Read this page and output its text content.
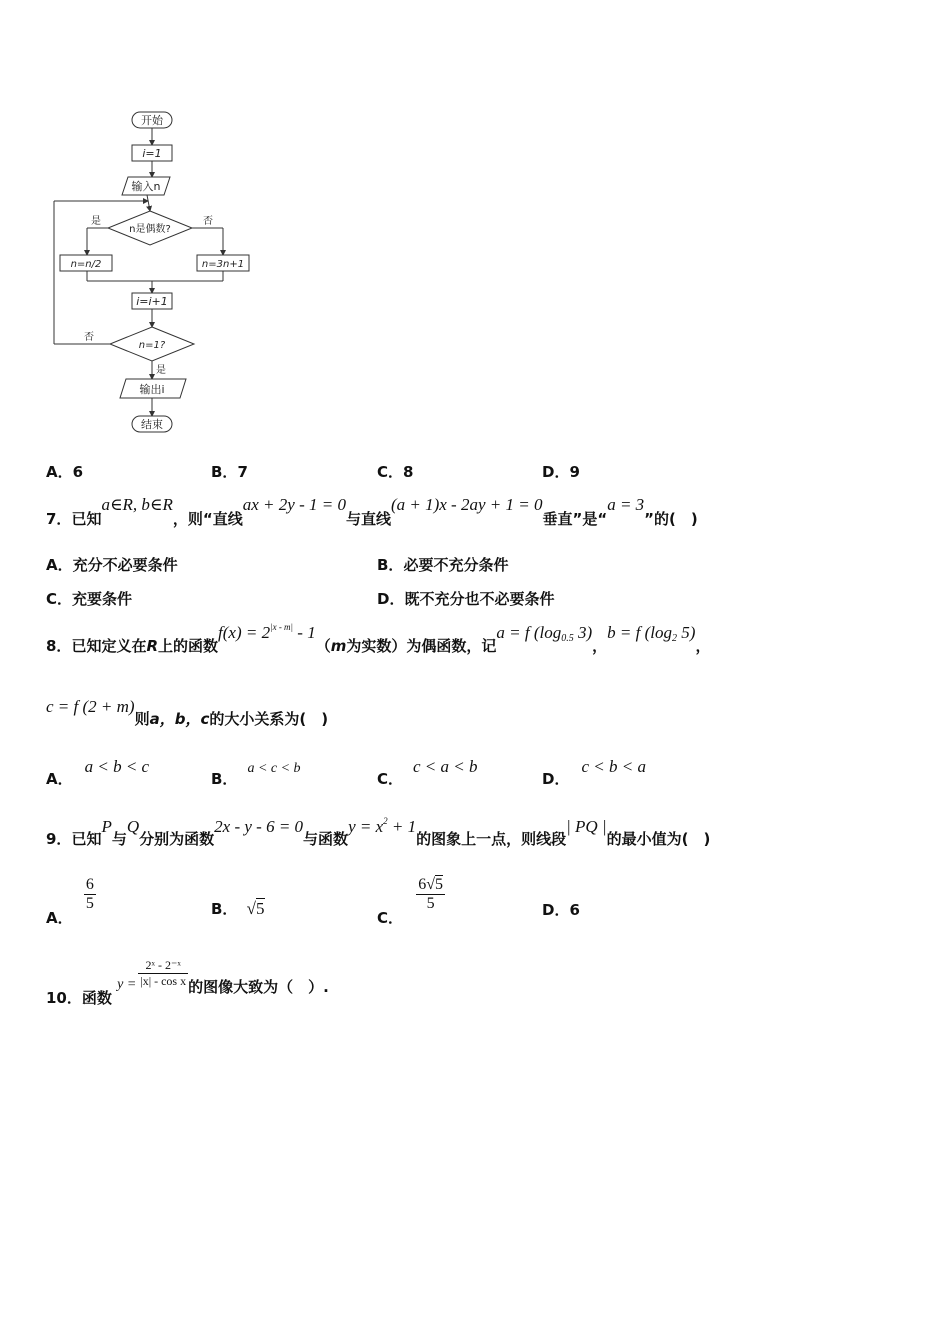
开始
i=1
输入n
n是偶数?
是	否
n=n/2	n=3n+1
i=i+1
n=1?
否
是
输出i
结束
A．6	B．7	C．8	D．9
7．已知a∈R, b∈R，则“直线ax + 2y - 1 = 0与直线(a + 1)x - 2ay + 1 = 0垂直”是“a = 3”的(　)
A．充分不必要条件	B．必要不充分条件
C．充要条件	D．既不充分也不必要条件
8．已知定义在R上的函数$f(x) = 2^{|x - m|} - 1(m$为实数）为偶函数，记a = f ($\log_{0.5}$ 3)，b = f ($\log_2$ 5)，
c = f (2 + m)则a，b，c的大小关系为(　)
A．a < b < c
B．a < c < b
C．c < a < b
D．c < b < a
9．已知P与Q分别为函数2x - y - 6 = 0与函数$y = x^2 + 1$的图象上一点，则线段| PQ |的最小值为(　)
A．
$\frac{6}{5}$	B． √5	C．
$\frac{6√5}{5}$	D．6
10．函数 $y = \frac{\text{2ˣ - 2⁻ˣ}}{\text{|x| - cos x}}$ 的图像大致为（　）.
